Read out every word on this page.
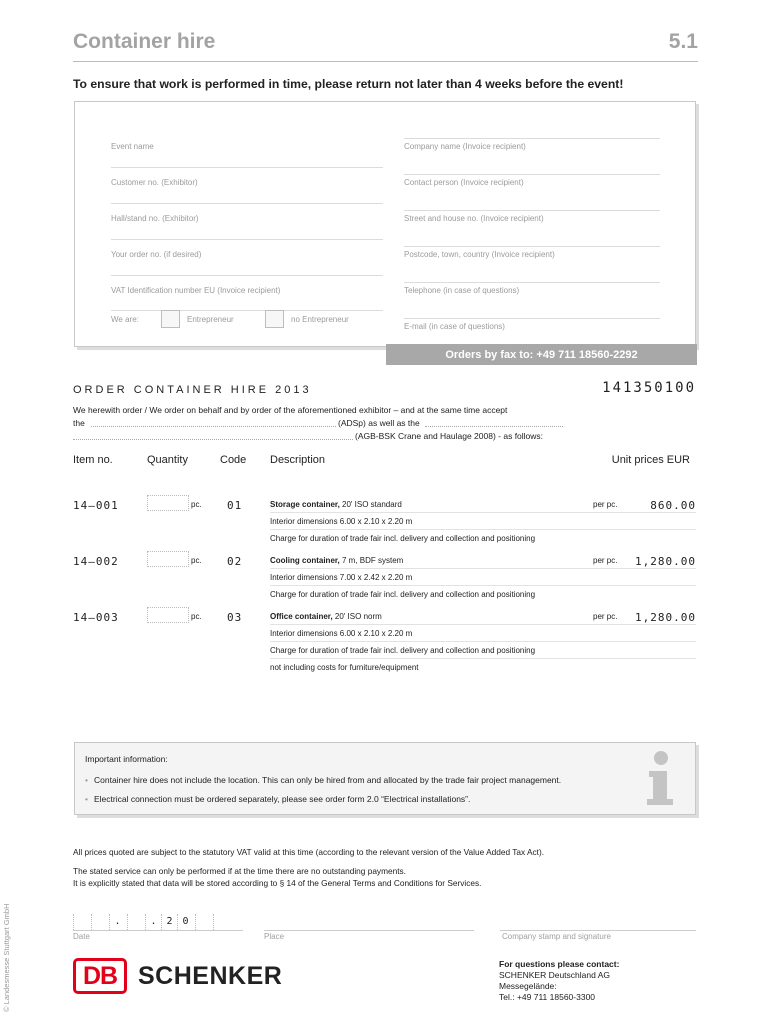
Container hire	5.1
To ensure that work is performed in time, please return not later than 4 weeks before the event!
Event name
Customer no. (Exhibitor)
Hall/stand no. (Exhibitor)
Your order no. (if desired)
VAT Identification number EU (Invoice recipient)
We are:	Entrepreneur	no Entrepreneur
Company name (Invoice recipient)
Contact person (Invoice recipient)
Street and house no. (Invoice recipient)
Postcode, town, country (Invoice recipient)
Telephone (in case of questions)
E-mail (in case of questions)
Orders by fax to: +49 711 18560-2292
ORDER CONTAINER HIRE 2013	141350100
We herewith order / We order on behalf and by order of the aforementioned exhibitor – and at the same time accept
the	(ADSp) as well as the
(AGB-BSK Crane and Haulage 2008) - as follows:
Item no.	Quantity	Code Description	Unit prices EUR
14–001	pc. 01	Storage container, 20' ISO standard	per pc.	860.00
Interior dimensions 6.00 x 2.10 x 2.20 m
Charge for duration of trade fair incl. delivery and collection and positioning
14–002	pc. 02	Cooling container, 7 m, BDF system	per pc. 1,280.00
Interior dimensions 7.00 x 2.42 x 2.20 m
Charge for duration of trade fair incl. delivery and collection and positioning
14–003	pc. 03	Office container, 20' ISO norm	per pc. 1,280.00
Interior dimensions 6.00 x 2.10 x 2.20 m
Charge for duration of trade fair incl. delivery and collection and positioning
not including costs for furniture/equipment
Important information:
• Container hire does not include the location. This can only be hired from and allocated by the trade fair project management.
• Electrical connection must be ordered separately, please see order form 2.0 “Electrical installations”.
All prices quoted are subject to the statutory VAT valid at this time (according to the relevant version of the Value Added Tax Act).
The stated service can only be performed if at the time there are no outstanding payments.
It is explicitly stated that data will be stored according to § 14 of the General Terms and Conditions for Services.
.	. 2 0
Date	Place	Company stamp and signature
DB SCHENKER	For questions please contact:
SCHENKER Deutschland AG
Messegelände:
Tel.: +49 711 18560-3300
© Landesmesse Stuttgart GmbH
